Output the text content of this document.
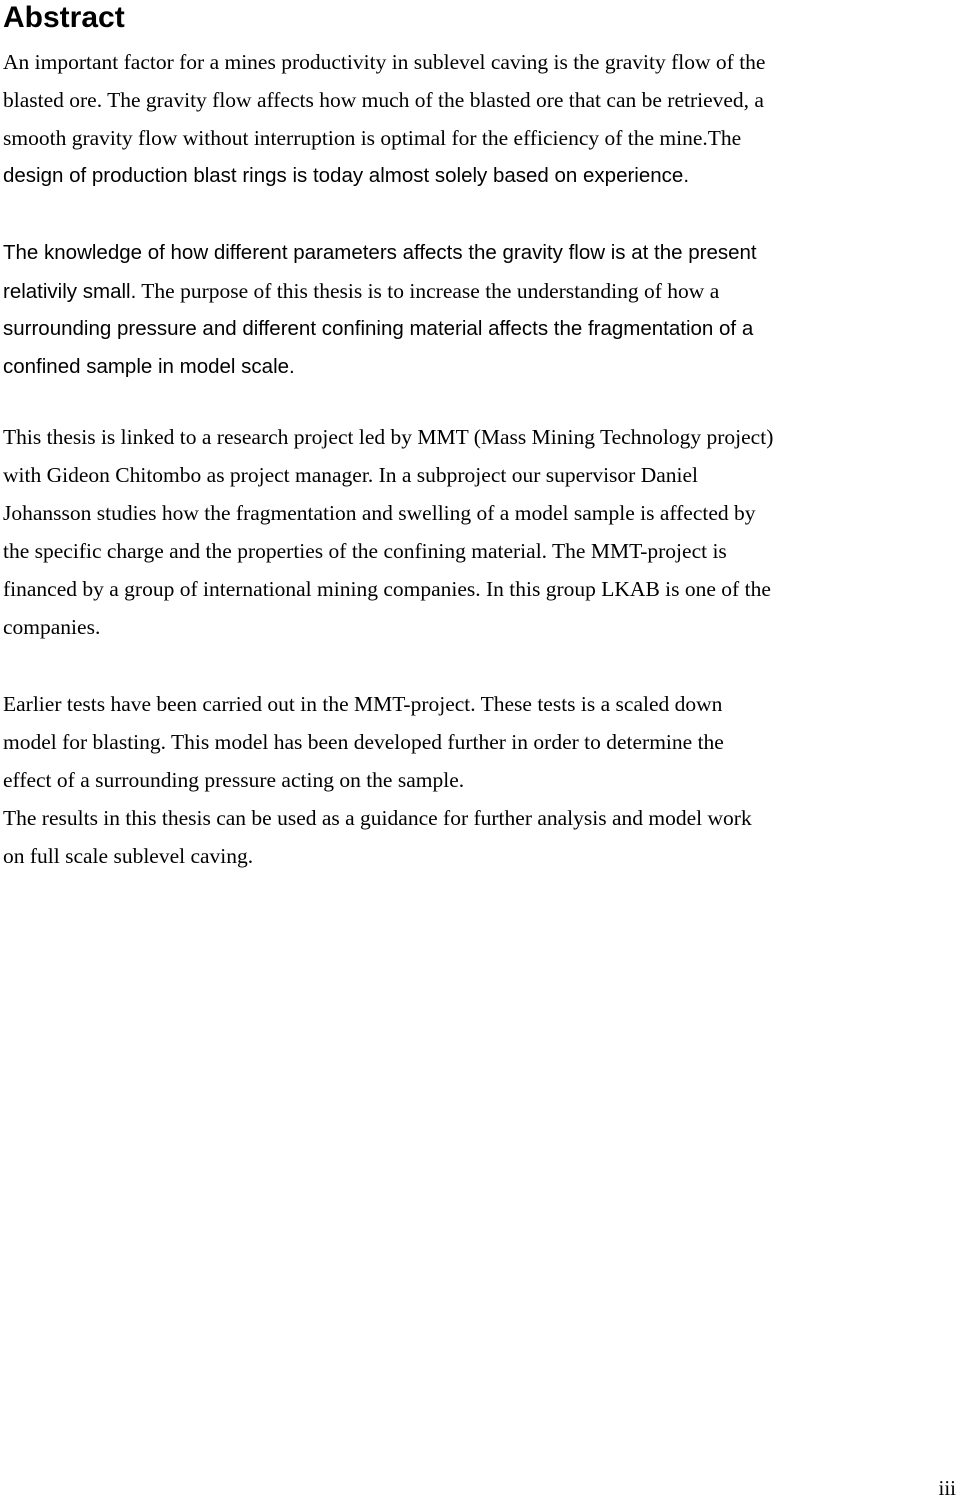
Abstract
An important factor for a mines productivity in sublevel caving is the gravity flow of the
blasted ore. The gravity flow affects how much of the blasted ore that can be retrieved, a
smooth gravity flow without interruption is optimal for the efficiency of the mine.The
design of production blast rings is today almost solely based on experience.
The knowledge of how different parameters affects the gravity flow is at the present
relativily small. The purpose of this thesis is to increase the understanding of how a
surrounding pressure and different confining material affects the fragmentation of a
confined sample in model scale.
This thesis is linked to a research project led by MMT (Mass Mining Technology project)
with Gideon Chitombo as project manager. In a subproject our supervisor Daniel
Johansson studies how the fragmentation and swelling of a model sample is affected by
the specific charge and the properties of the confining material. The MMT-project is
financed by a group of international mining companies. In this group LKAB is one of the
companies.
Earlier tests have been carried out in the MMT-project. These tests is a scaled down
model for blasting. This model has been developed further in order to determine the
effect of a surrounding pressure acting on the sample.
The results in this thesis can be used as a guidance for further analysis and model work
on full scale sublevel caving.
iii
